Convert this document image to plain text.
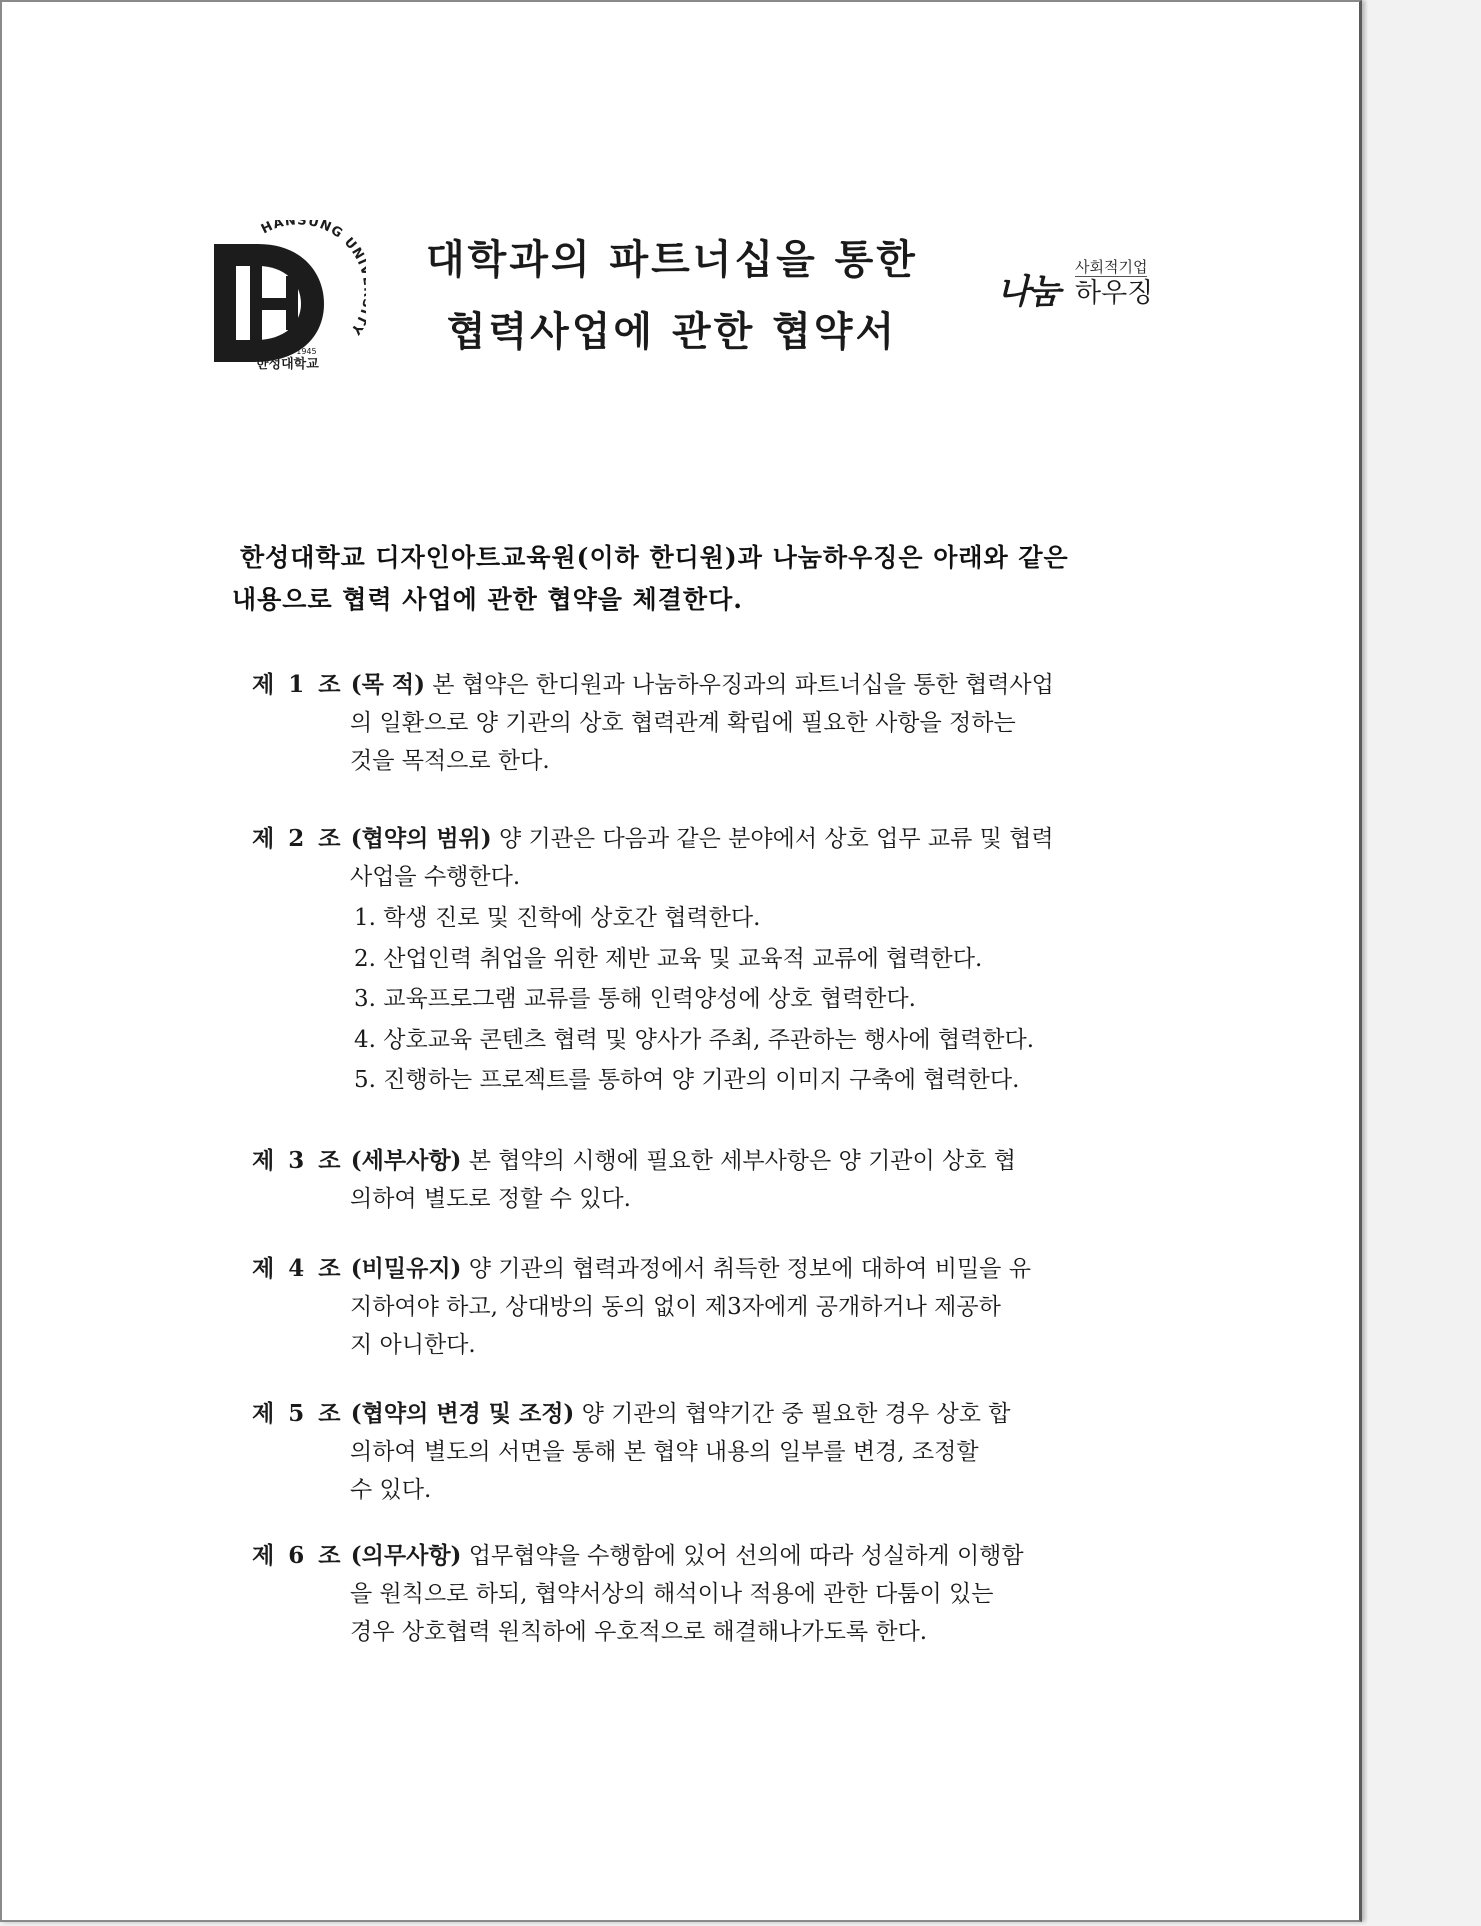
HANSUNG UN Y
Since 1945
한성대학교
대학과의 파트너십을 통한
협력사업에 관한 협약서
나눔
사회적기업
하우징

한성대학교 디자인아트교육원(이하 한디원)과 나눔하우징은 아래와 같은

내용으로 협력 사업에 관한 협약을 체결한다.

제 1 조 (목 적) 본 협약은 한디원과 나눔하우징과의 파트너십을 통한 협력사업

의 일환으로 양 기관의 상호 협력관계 확립에 필요한 사항을 정하는

것을 목적으로 한다.

제 2 조 (협약의 범위) 양 기관은 다음과 같은 분야에서 상호 업무 교류 및 협력

사업을 수행한다.

1. 학생 진로 및 진학에 상호간 협력한다.

2. 산업인력 취업을 위한 제반 교육 및 교육적 교류에 협력한다.

3. 교육프로그램 교류를 통해 인력양성에 상호 협력한다.

4. 상호교육 콘텐츠 협력 및 양사가 주최, 주관하는 행사에 협력한다.

5. 진행하는 프로젝트를 통하여 양 기관의 이미지 구축에 협력한다.

제 3 조 (세부사항) 본 협약의 시행에 필요한 세부사항은 양 기관이 상호 협

의하여 별도로 정할 수 있다.

제 4 조 (비밀유지) 양 기관의 협력과정에서 취득한 정보에 대하여 비밀을 유

지하여야 하고, 상대방의 동의 없이 제3자에게 공개하거나 제공하

지 아니한다.

제 5 조 (협약의 변경 및 조정) 양 기관의 협약기간 중 필요한 경우 상호 합

의하여 별도의 서면을 통해 본 협약 내용의 일부를 변경, 조정할

수 있다.

제 6 조 (의무사항) 업무협약을 수행함에 있어 선의에 따라 성실하게 이행함

을 원칙으로 하되, 협약서상의 해석이나 적용에 관한 다툼이 있는

경우 상호협력 원칙하에 우호적으로 해결해나가도록 한다.
